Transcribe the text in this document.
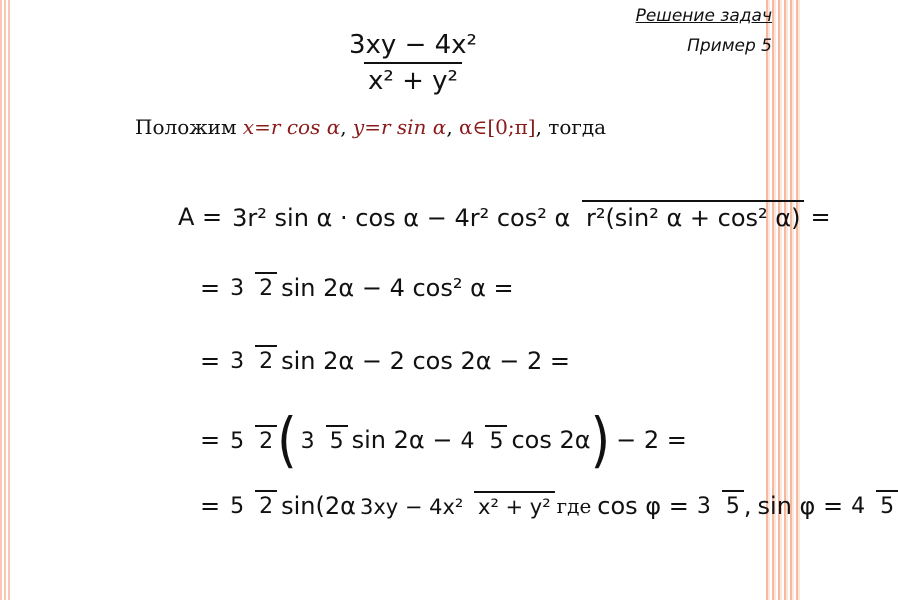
Решение задач
Пример 5
$\frac{\text{3xy − 4x²}}{\text{x² + y²}}$
Положим x=r cos α, y=r sin α, α∈[0;π], тогда
A = 3r² sin α · cos α − 4r² cos² α r²(sin² α + cos² α) =
= 3 2 sin 2α − 4 cos² α =
= 3 2 sin 2α − 2 cos 2α − 2 =
= 5 2 ( 3 5 sin 2α − 4 5 cos 2α ) − 2 =
= 5 2 sin(2α 3xy − 4x² x² + y² где cos φ = 3 5 , sin φ = 4 5
